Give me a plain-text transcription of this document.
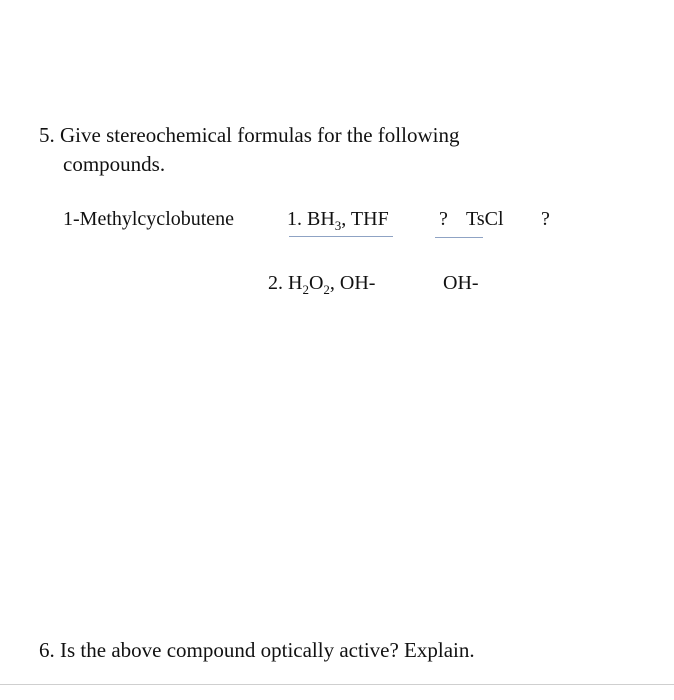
5. Give stereochemical formulas for the following
compounds.
1-Methylcyclobutene	1. $BH_3$, THF	? TsCl ?
2. $H_2O_2$, OH-	OH-
6. Is the above compound optically active? Explain.
